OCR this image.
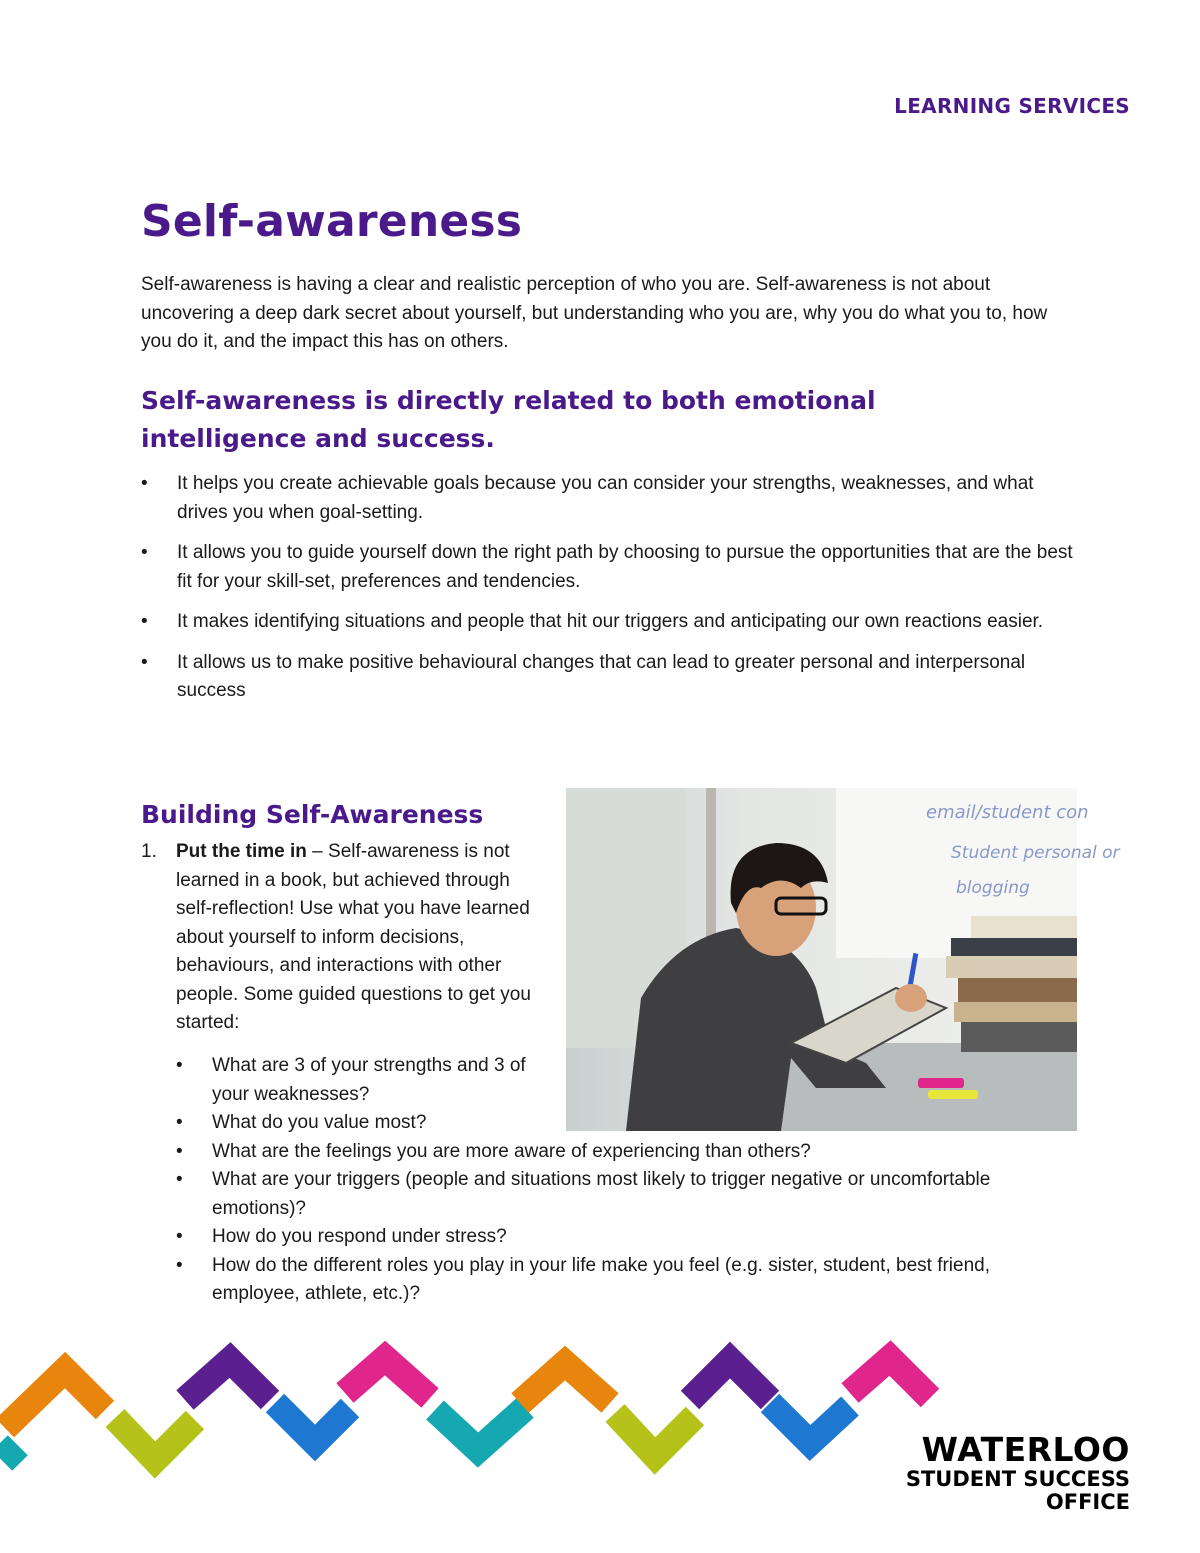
LEARNING SERVICES
Self-awareness

Self-awareness is having a clear and realistic perception of who you are. Self-awareness is not about uncovering a deep dark secret about yourself, but understanding who you are, why you do what you to, how you do it, and the impact this has on others.

Self-awareness is directly related to both emotional intelligence and success.
• It helps you create achievable goals because you can consider your strengths, weaknesses, and what drives you when goal-setting.
• It allows you to guide yourself down the right path by choosing to pursue the opportunities that are the best fit for your skill-set, preferences and tendencies.
• It makes identifying situations and people that hit our triggers and anticipating our own reactions easier.
• It allows us to make positive behavioural changes that can lead to greater personal and interpersonal success
Building Self-Awareness
1. Put the time in – Self-awareness is not learned in a book, but achieved through self-reflection! Use what you have learned about yourself to inform decisions, behaviours, and interactions with other people. Some guided questions to get you started:
• What are 3 of your strengths and 3 of your weaknesses?
• What do you value most?
• What are the feelings you are more aware of experiencing than others?
• What are your triggers (people and situations most likely to trigger negative or uncomfortable emotions)?
• How do you respond under stress?
• How do the different roles you play in your life make you feel (e.g. sister, student, best friend, employee, athlete, etc.)?
email/student con
Student personal or
blogging
WATERLOO
STUDENT SUCCESS
OFFICE
